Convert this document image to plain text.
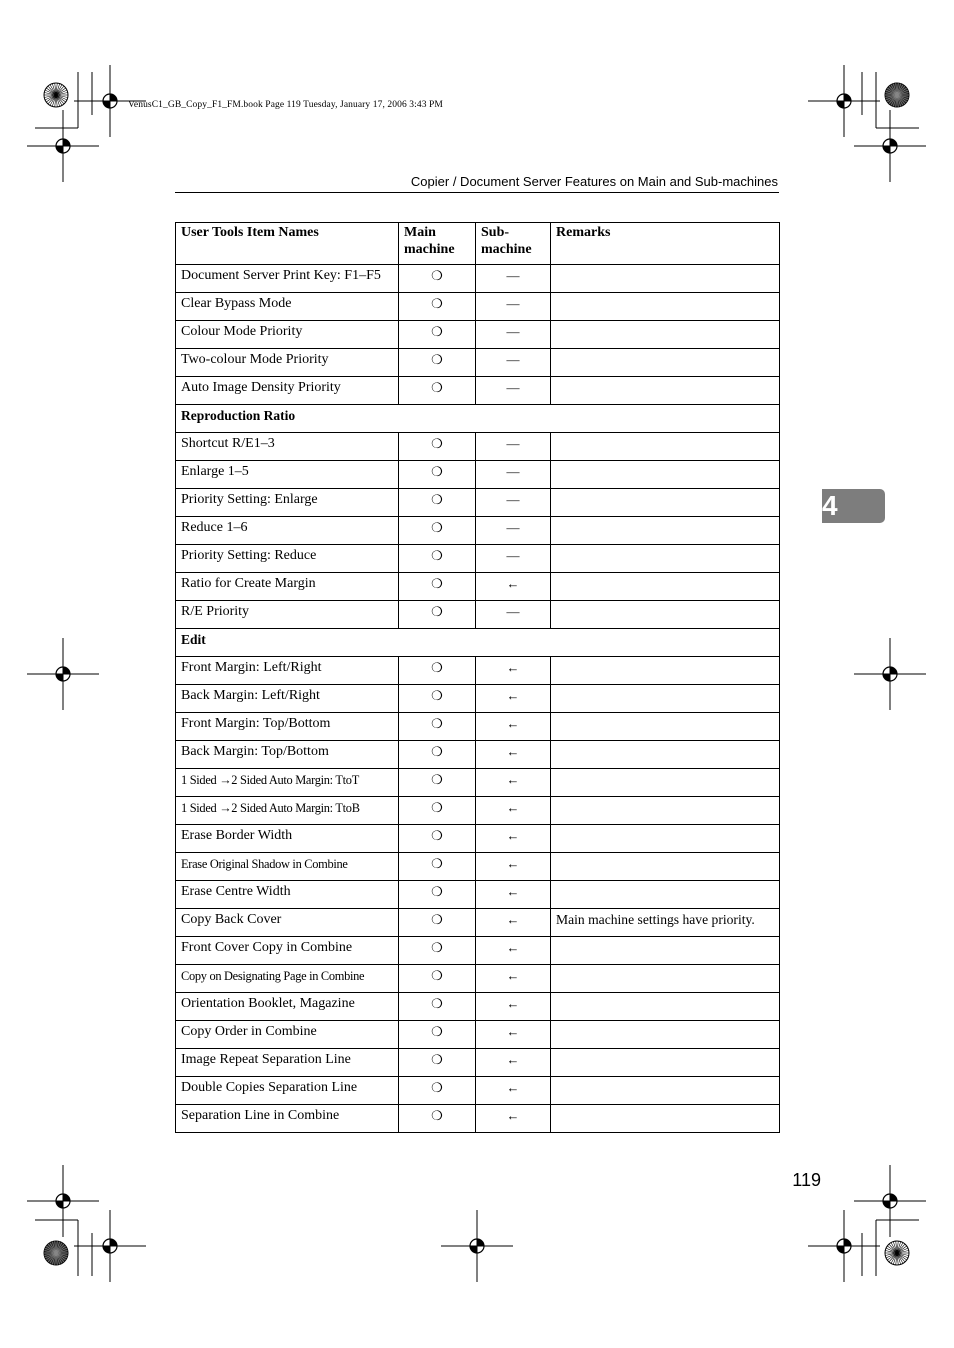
VenusC1_GB_Copy_F1_FM.book Page 119 Tuesday, January 17, 2006 3:43 PM
Copier / Document Server Features on Main and Sub-machines
User Tools Item Names	Main machine	Sub-machine	Remarks
Document Server Print Key: F1–F5	❍	—	
Clear Bypass Mode	❍	—	
Colour Mode Priority	❍	—	
Two-colour Mode Priority	❍	—	
Auto Image Density Priority	❍	—	
Reproduction Ratio			
Shortcut R/E1–3	❍	—	
Enlarge 1–5	❍	—	
Priority Setting: Enlarge	❍	—	
Reduce 1–6	❍	—	
Priority Setting: Reduce	❍	—	
Ratio for Create Margin	❍	←	
R/E Priority	❍	—	
Edit			
Front Margin: Left/Right	❍	←	
Back Margin: Left/Right	❍	←	
Front Margin: Top/Bottom	❍	←	
Back Margin: Top/Bottom	❍	←	
1 Sided →2 Sided Auto Margin: TtoT	❍	←	
1 Sided →2 Sided Auto Margin: TtoB	❍	←	
Erase Border Width	❍	←	
Erase Original Shadow in Combine	❍	←	
Erase Centre Width	❍	←	
Copy Back Cover	❍	←	Main machine settings have priority.
Front Cover Copy in Combine	❍	←	
Copy on Designating Page in Combine	❍	←	
Orientation Booklet, Magazine	❍	←	
Copy Order in Combine	❍	←	
Image Repeat Separation Line	❍	←	
Double Copies Separation Line	❍	←	
Separation Line in Combine	❍	←	
4
119
